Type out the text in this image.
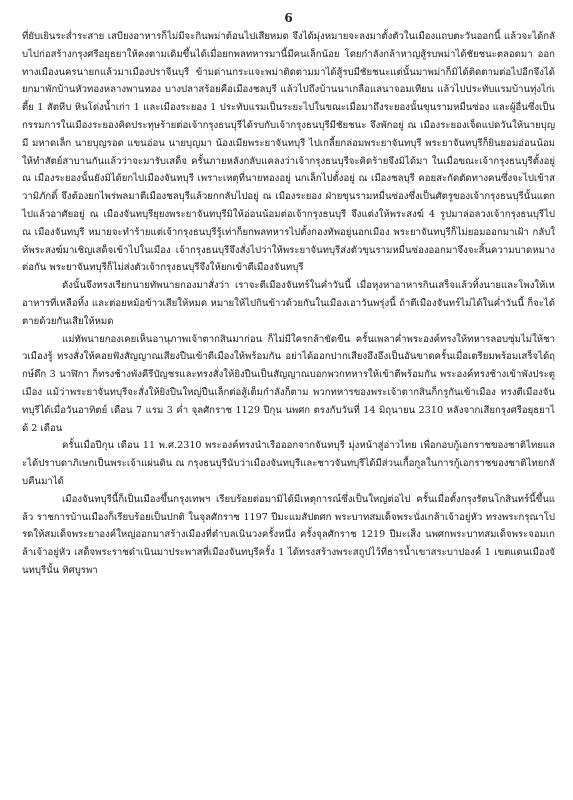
6

ที่ยับเยินระส่ำระสาย เสบียงอาหารก็ไม่มีจะกินพม่าต้อนไปเสียหมด จึงได้มุ่งหมายจะลงมาตั้งตัวในเมืองแถบตะวันออกนี้ แล้วจะได้กลับไปก่อสร้างกรุงศรีอยุธยาให้คงตามเดิมขึ้นได้เมื่อยกพลทหารมานี้มีคนเล็กน้อย โดยกำลังกล้าหาญสู้รบพม่าได้ชัยชนะตลอดมา ออกทางเมืองนครนายกแล้วมาเมืองปราจีนบุรี ข้ามด่านกระแจะพม่าติดตามมาได้สู้รบมีชัยชนะแต่นั้นมาพม่าก็มิได้ติดตามต่อไปอีกจึงได้ยกมาพักบ้านหัวทองหลางพานทอง บางปลาสร้อยคือเมืองชลบุรี แล้วไปถึงบ้านนาเกลือแลนาจอมเทียน แล้วไปประทับแรมบ้านทุ่งไก่เตี้ย 1 สัตหีบ หินโด่งน้ำเก่า 1 และเมืองระยอง 1 ประทับแรมเป็นระยะไปในขณะเมื่อมาถึงระยองนั้นขุนรามหมื่นซ่อง และผู้อื่นซึ่งเป็นกรรมการในเมืองระยองคิดประทุษร้ายต่อเจ้ากรุงธนบุรีได้รบกับเจ้ากรุงธนบุรีมีชัยชนะ จึงพักอยู่ ณ เมืองระยองเจ็ดแปดวันให้นายบุญมี มหาดเล็ก นายบุญรอด แขนอ่อน นายบุญมา น้องเมียพระยาจันทบุรี ไปเกลี้ยกล่อมพระยาจันทบุรี พระยาจันทบุรีก็ยินยอมอ่อนน้อมให้ทำสัตย์สาบานกันแล้วว่าจะมารับเสด็จ ครั้นภายหลังกลับแคลงว่าเจ้ากรุงธนบุรีจะคิดร้ายจึงมิได้มา ในเมื่อขณะเจ้ากรุงธนบุรีตั้งอยู่ ณ เมืองระยองนั้นยังมิได้ยกไปเมืองจันทบุรี เพราะเหตุที่นายทองอยู่ นกเล็กไปตั้งอยู่ ณ เมืองชลบุรี คอยสะกัดตัดทางคนซึ่งจะไปเข้าสวามิภักดิ์ จึงต้องยกไพร่พลมาตีเมืองชลบุรีแล้วยกกลับไปอยู่ ณ เมืองระยอง ฝ่ายขุนรามหมื่นซ่องซึ่งเป็นศัตรูของเจ้ากรุงธนบุรีนั้นแตกไปแล้วอาศัยอยู่ ณ เมืองจันทบุรียุยงพระยาจันทบุรีมิให้อ่อนน้อมต่อเจ้ากรุงธนบุรี จึงแต่งให้พระสงฆ์ 4 รูปมาล่อลวงเจ้ากรุงธนบุรีไป ณ เมืองจันทบุรี หมายจะทำร้ายแต่เจ้ากรุงธนบุรีรู้เท่าก็ยกพลทหารไปตั้งกองทัพอยู่นอกเมือง พระยาจันทบุรีก็ไม่ยอมออกมาเฝ้า กลับให้พระสงฆ์มาเชิญเสด็จเข้าไปในเมือง เจ้ากรุงธนบุรีจึงสั่งไปว่าให้พระยาจันทบุรีส่งตัวขุนรามหมื่นซ่องออกมาจึงจะสิ้นความบาดหมางต่อกัน พระยาจันทบุรีก็ไม่ส่งตัวเจ้ากรุงธนบุรีจึงให้ยกเข้าตีเมืองจันทบุรี

ดังนั้นจึงทรงเรียกนายทัพนายกองมาสั่งว่า เราจะตีเมืองจันทร์ในค่ำวันนี้ เมื่อหุงหาอาหารกินเสร็จแล้วทิ้งนายและโพงให้เหอาหารที่เหลือทิ้ง และต่อยหม้อข้าวเสียให้หมด หมายให้ไปกินข้าวด้วยกันในเมืองเอาวันพรุ่งนี้ ถ้าตีเมืองจันทร์ไม่ได้ในค่ำวันนี้ ก็จะได้ตายด้วยกันเสียให้หมด

แม่ทัพนายกองเคยเห็นอานุภาพเจ้าตากสินมาก่อน ก็ไม่มีใครกล้าขัดขืน ครั้นเพลาค่ำพระองค์ทรงให้ทหารลอบซุ่มไม่ให้ชาวเมืองรู้ ทรงสั่งให้คอยฟังสัญญาณเสียงปืนเข้าตีเมืองให้พร้อมกัน อย่าได้ออกปากเสียงอึงอึงเป็นอันขาดครั้นเมื่อเตรียมพร้อมเสร็จได้ฤกษ์ดึก 3 นาฬิกา ก็ทรงช้างพังคีรีบัญชรและทรงสั่งให้ยิงปืนเป็นสัญญาณบอกพวกทหารให้เข้าตีพร้อมกัน พระองค์ทรงช้างเข้าพังประตูเมือง แม้ว่าพระยาจันทบุรีจะสั่งให้ยิงปืนใหญ่ปืนเล็กต่อสู้เต็มกำลังก็ตาม พวกทหารของพระเจ้าตากสินก็กรูกันเข้าเมือง ทรงตีเมืองจันทบุรีได้เมื่อวันอาทิตย์ เดือน 7 แรม 3 ค่ำ จุลศักราช 1129 ปีกุน นพศก ตรงกับวันที่ 14 มิถุนายน 2310 หลังจากเสียกรุงศรีอยุธยาได้ 2 เดือน

ครั้นเมื่อปีกุน เดือน 11 พ.ศ.2310 พระองค์ทรงนำเรือออกจากจันทบุรี มุ่งหน้าสู่อ่าวไทย เพื่อกอบกู้เอกราชของชาติไทยและได้ปราบดาภิเษกเป็นพระเจ้าแผ่นดิน ณ กรุงธนบุรีนับว่าเมืองจันทบุรีและชาวจันทบุรีได้มีส่วนเกื้อกูลในการกู้เอกราชของชาติไทยกลับคืนมาได้

เมืองจันทบุรีนี้ก็เป็นเมืองขึ้นกรุงเทพฯ เรียบร้อยต่อมามิได้มีเหตุการณ์ซึ่งเป็นใหญ่ต่อไป ครั้นเมื่อตั้งกรุงรัตนโกสินทร์นี้ขึ้นแล้ว ราชการบ้านเมืองก็เรียบร้อยเป็นปกติ ในจุลศักราช 1197 ปีมะแมสัปตศก พระบาทสมเด็จพระนั่งเกล้าเจ้าอยู่หัว ทรงพระกรุณาโปรดให้สมเด็จพระยาองค์ใหญ่ออกมาสร้างเมืองที่ตำบลเนินวงครั้งหนึ่ง ครั้งจุลศักราช 1219 ปีมะเส็ง นพศกพระบาทสมเด็จพระจอมเกล้าเจ้าอยู่หัว เสด็จพระราชดำเนินมาประพาสที่เมืองจันทบุรีครั้ง 1 ได้ทรงสร้างพระสถูปไว้ที่ธารน้ำเขาสระบาปองค์ 1 เขตแดนเมืองจันทบุรีนั้น ทิศบูรพา
